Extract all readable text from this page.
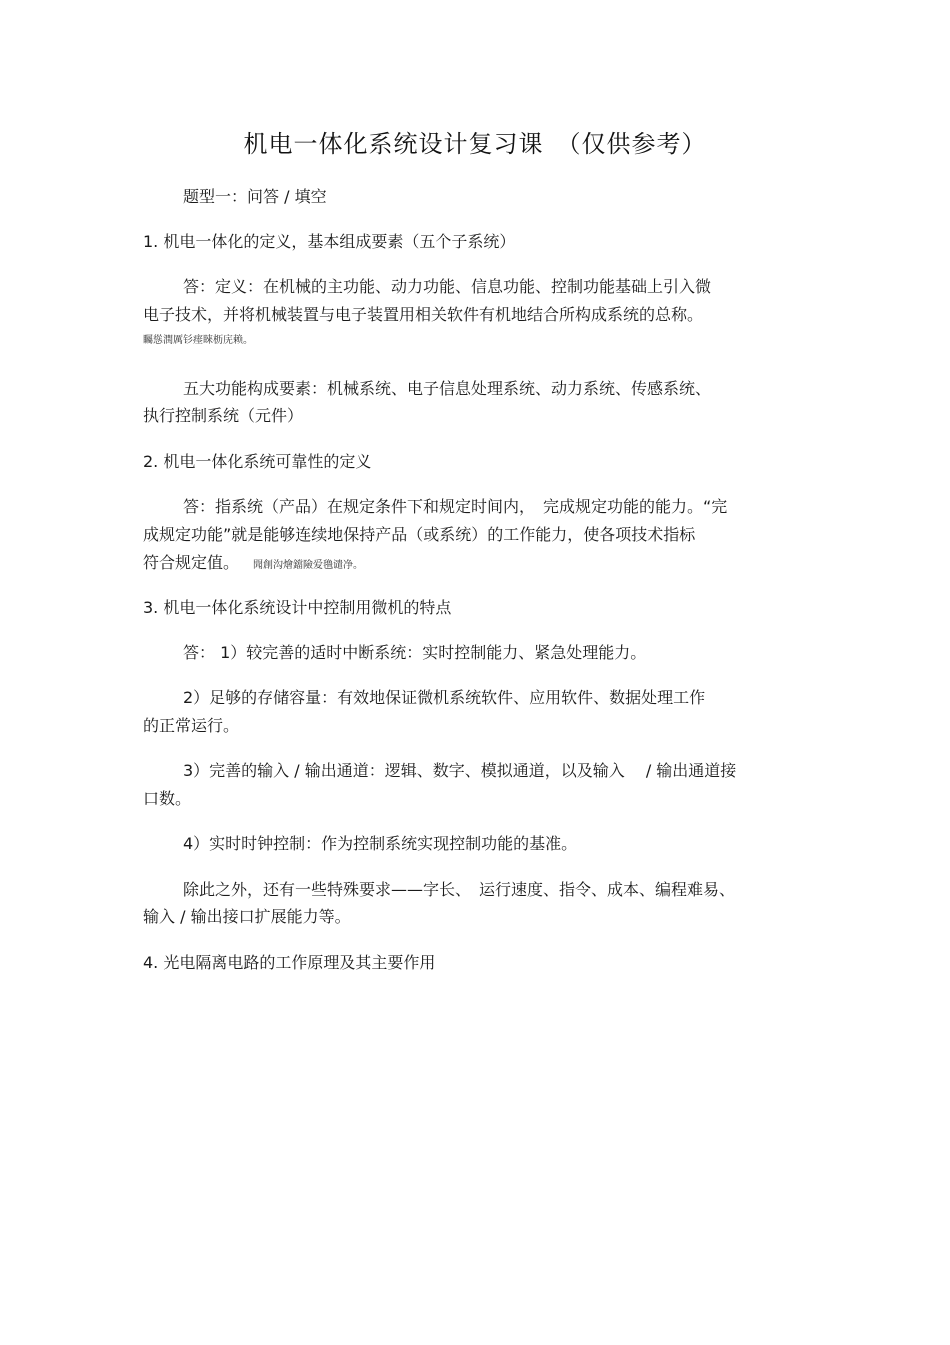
机电一体化系统设计复习课　（仅供参考）
题型一：问答 / 填空
1. 机电一体化的定义，基本组成要素（五个子系统）
答：定义：在机械的主功能、动力功能、信息功能、控制功能基础上引入微
电子技术，并将机械装置与电子装置用相关软件有机地结合所构成系统的总称。
矚慫潤厲钐瘗睞枥庑赖。
五大功能构成要素：机械系统、电子信息处理系统、动力系统、传感系统、
执行控制系统（元件）
2. 机电一体化系统可靠性的定义
答：指系统（产品）在规定条件下和规定时间内，　完成规定功能的能力。“完
成规定功能”就是能够连续地保持产品（或系统）的工作能力，使各项技术指标
符合规定值。 聞創沟燴鐺險爱氇谴净。
3. 机电一体化系统设计中控制用微机的特点
答： 1）较完善的适时中断系统：实时控制能力、紧急处理能力。
2）足够的存储容量：有效地保证微机系统软件、应用软件、数据处理工作
的正常运行。
3）完善的输入 / 输出通道：逻辑、数字、模拟通道，以及输入　 / 输出通道接
口数。
4）实时时钟控制：作为控制系统实现控制功能的基准。
除此之外，还有一些特殊要求——字长、　运行速度、指令、成本、编程难易、
输入 / 输出接口扩展能力等。
4. 光电隔离电路的工作原理及其主要作用
